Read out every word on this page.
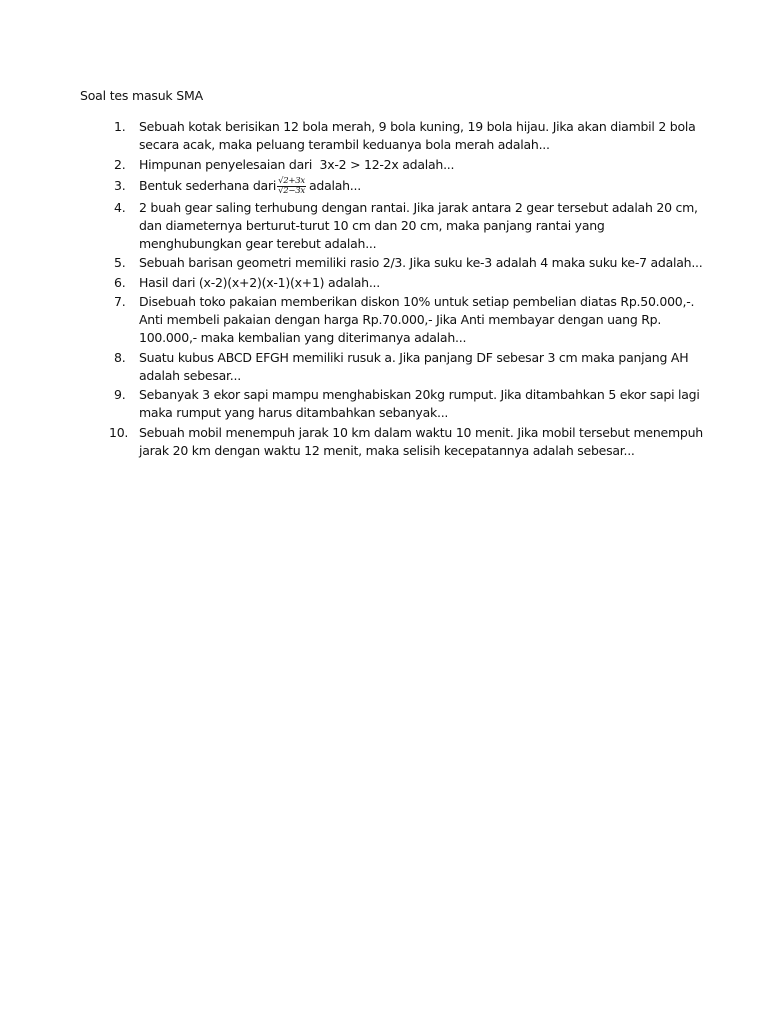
Soal tes masuk SMA
1.	Sebuah kotak berisikan 12 bola merah, 9 bola kuning, 19 bola hijau. Jika akan diambil 2 bola secara acak, maka peluang terambil keduanya bola merah adalah...
2.	Himpunan penyelesaian dari  3x-2 > 12-2x adalah...
3.	Bentuk sederhana dari $\frac{√2+3x}{√2-3x}$ adalah...
4.	2 buah gear saling terhubung dengan rantai. Jika jarak antara 2 gear tersebut adalah 20 cm, dan diameternya berturut-turut 10 cm dan 20 cm, maka panjang rantai yang menghubungkan gear terebut adalah...
5.	Sebuah barisan geometri memiliki rasio 2/3. Jika suku ke-3 adalah 4 maka suku ke-7 adalah...
6.	Hasil dari (x-2)(x+2)(x-1)(x+1) adalah...
7.	Disebuah toko pakaian memberikan diskon 10% untuk setiap pembelian diatas Rp.50.000,-. Anti membeli pakaian dengan harga Rp.70.000,- Jika Anti membayar dengan uang Rp. 100.000,- maka kembalian yang diterimanya adalah...
8.	Suatu kubus ABCD EFGH memiliki rusuk a. Jika panjang DF sebesar 3 cm maka panjang AH adalah sebesar...
9.	Sebanyak 3 ekor sapi mampu menghabiskan 20kg rumput. Jika ditambahkan 5 ekor sapi lagi maka rumput yang harus ditambahkan sebanyak...
10. Sebuah mobil menempuh jarak 10 km dalam waktu 10 menit. Jika mobil tersebut menempuh jarak 20 km dengan waktu 12 menit, maka selisih kecepatannya adalah sebesar...
